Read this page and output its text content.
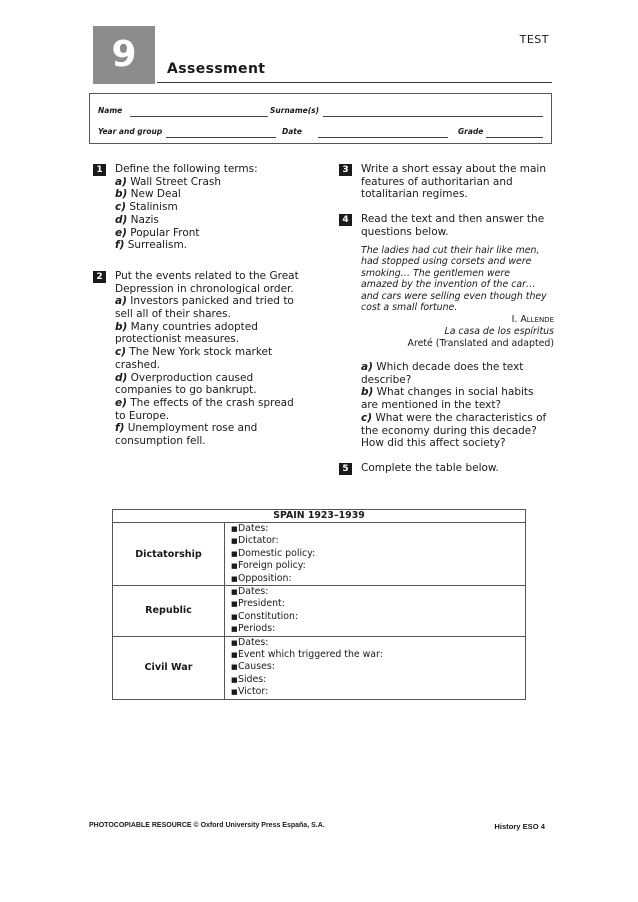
TEST
9	Assessment
Name	Surname(s)
Year and group	Date	Grade
1	Define the following terms:

a) Wall Street Crash

b) New Deal

c) Stalinism

d) Nazis

e) Popular Front

f) Surrealism.

2	Put the events related to the Great

Depression in chronological order.

a) Investors panicked and tried to

sell all of their shares.

b) Many countries adopted

protectionist measures.

c) The New York stock market

crashed.

d) Overproduction caused

companies to go bankrupt.

e) The effects of the crash spread

to Europe.

f) Unemployment rose and

consumption fell.

3	Write a short essay about the main

features of authoritarian and

totalitarian regimes.

4	Read the text and then answer the

questions below.

The ladies had cut their hair like men,
had stopped using corsets and were
smoking… The gentlemen were
amazed by the invention of the car…
and cars were selling even though they
cost a small fortune.
I. Allende
La casa de los espíritus
Areté (Translated and adapted)

a) Which decade does the text

describe?

b) What changes in social habits

are mentioned in the text?

c) What were the characteristics of

the economy during this decade?

How did this affect society?

5	Complete the table below.

SPAIN 1923–1939	
Dictatorship	■Dates:
■Dictator:
■Domestic policy:
■Foreign policy:
■Opposition:

Republic	■Dates:
■President:
■Constitution:
■Periods:

Civil War	■Dates:
■Event which triggered the war:
■Causes:
■Sides:
■Victor:
PHOTOCOPIABLE RESOURCE © Oxford University Press España, S.A.	History ESO 4
